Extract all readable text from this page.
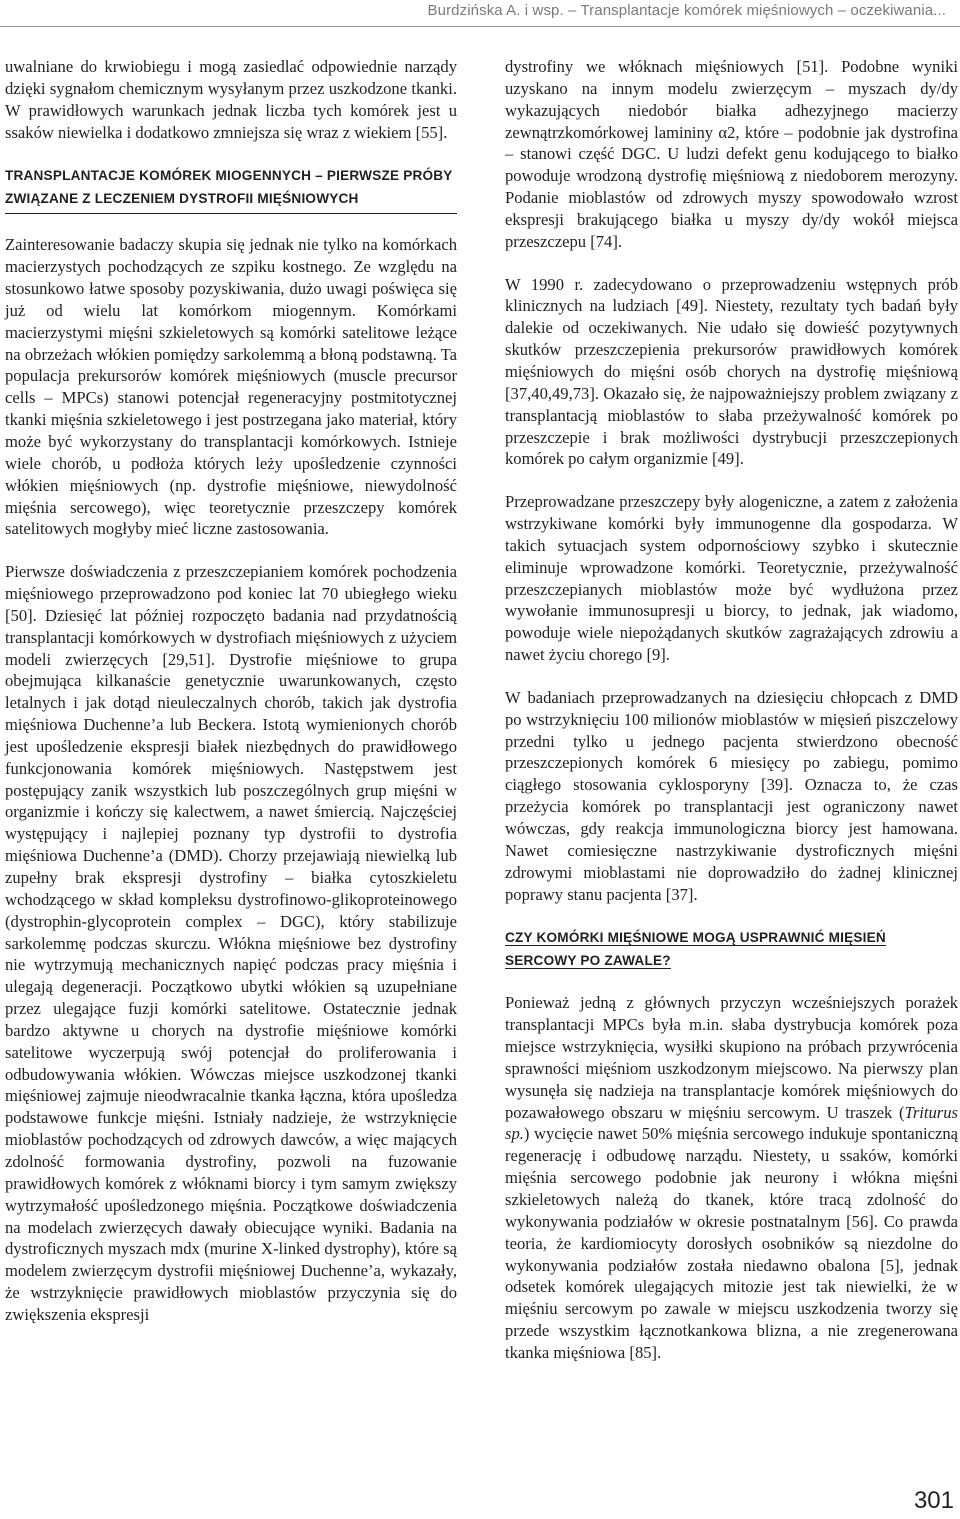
Burdzińska A. i wsp. – Transplantacje komórek mięśniowych – oczekiwania...

uwalniane do krwiobiegu i mogą zasiedlać odpowiednie narządy dzięki sygnałom chemicznym wysyłanym przez uszkodzone tkanki. W prawidłowych warunkach jednak liczba tych komórek jest u ssaków niewielka i dodatkowo zmniejsza się wraz z wiekiem [55].

TRANSPLANTACJE KOMÓREK MIOGENNYCH – PIERWSZE PRÓBY ZWIĄZANE Z LECZENIEM DYSTROFII MIĘŚNIOWYCH

Zainteresowanie badaczy skupia się jednak nie tylko na komórkach macierzystych pochodzących ze szpiku kostnego. Ze względu na stosunkowo łatwe sposoby pozyskiwania, dużo uwagi poświęca się już od wielu lat komórkom miogennym. Komórkami macierzystymi mięśni szkieletowych są komórki satelitowe leżące na obrzeżach włókien pomiędzy sarkolemmą a błoną podstawną. Ta populacja prekursorów komórek mięśniowych (muscle precursor cells – MPCs) stanowi potencjał regeneracyjny postmitotycznej tkanki mięśnia szkieletowego i jest postrzegana jako materiał, który może być wykorzystany do transplantacji komórkowych. Istnieje wiele chorób, u podłoża których leży upośledzenie czynności włókien mięśniowych (np. dystrofie mięśniowe, niewydolność mięśnia sercowego), więc teoretycznie przeszczepy komórek satelitowych mogłyby mieć liczne zastosowania.

Pierwsze doświadczenia z przeszczepianiem komórek pochodzenia mięśniowego przeprowadzono pod koniec lat 70 ubiegłego wieku [50]. Dziesięć lat później rozpoczęto badania nad przydatnością transplantacji komórkowych w dystrofiach mięśniowych z użyciem modeli zwierzęcych [29,51]. Dystrofie mięśniowe to grupa obejmująca kilkanaście genetycznie uwarunkowanych, często letalnych i jak dotąd nieuleczalnych chorób, takich jak dystrofia mięśniowa Duchenne’a lub Beckera. Istotą wymienionych chorób jest upośledzenie ekspresji białek niezbędnych do prawidłowego funkcjonowania komórek mięśniowych. Następstwem jest postępujący zanik wszystkich lub poszczególnych grup mięśni w organizmie i kończy się kalectwem, a nawet śmiercią. Najczęściej występujący i najlepiej poznany typ dystrofii to dystrofia mięśniowa Duchenne’a (DMD). Chorzy przejawiają niewielką lub zupełny brak ekspresji dystrofiny – białka cytoszkieletu wchodzącego w skład kompleksu dystrofinowo-glikoproteinowego (dystrophin-glycoprotein complex – DGC), który stabilizuje sarkolemmę podczas skurczu. Włókna mięśniowe bez dystrofiny nie wytrzymują mechanicznych napięć podczas pracy mięśnia i ulegają degeneracji. Początkowo ubytki włókien są uzupełniane przez ulegające fuzji komórki satelitowe. Ostatecznie jednak bardzo aktywne u chorych na dystrofie mięśniowe komórki satelitowe wyczerpują swój potencjał do proliferowania i odbudowywania włókien. Wówczas miejsce uszkodzonej tkanki mięśniowej zajmuje nieodwracalnie tkanka łączna, która upośledza podstawowe funkcje mięśni. Istniały nadzieje, że wstrzyknięcie mioblastów pochodzących od zdrowych dawców, a więc mających zdolność formowania dystrofiny, pozwoli na fuzowanie prawidłowych komórek z włóknami biorcy i tym samym zwiększy wytrzymałość upośledzonego mięśnia. Początkowe doświadczenia na modelach zwierzęcych dawały obiecujące wyniki. Badania na dystroficznych myszach mdx (murine X-linked dystrophy), które są modelem zwierzęcym dystrofii mięśniowej Duchenne’a, wykazały, że wstrzyknięcie prawidłowych mioblastów przyczynia się do zwiększenia ekspresji

dystrofiny we włóknach mięśniowych [51]. Podobne wyniki uzyskano na innym modelu zwierzęcym – myszach dy/dy wykazujących niedobór białka adhezyjnego macierzy zewnątrzkomórkowej lamininy α2, które – podobnie jak dystrofina – stanowi część DGC. U ludzi defekt genu kodującego to białko powoduje wrodzoną dystrofię mięśniową z niedoborem merozyny. Podanie mioblastów od zdrowych myszy spowodowało wzrost ekspresji brakującego białka u myszy dy/dy wokół miejsca przeszczepu [74].

W 1990 r. zadecydowano o przeprowadzeniu wstępnych prób klinicznych na ludziach [49]. Niestety, rezultaty tych badań były dalekie od oczekiwanych. Nie udało się dowieść pozytywnych skutków przeszczepienia prekursorów prawidłowych komórek mięśniowych do mięśni osób chorych na dystrofię mięśniową [37,40,49,73]. Okazało się, że najpoważniejszy problem związany z transplantacją mioblastów to słaba przeżywalność komórek po przeszczepie i brak możliwości dystrybucji przeszczepionych komórek po całym organizmie [49].

Przeprowadzane przeszczepy były alogeniczne, a zatem z założenia wstrzykiwane komórki były immunogenne dla gospodarza. W takich sytuacjach system odpornościowy szybko i skutecznie eliminuje wprowadzone komórki. Teoretycznie, przeżywalność przeszczepianych mioblastów może być wydłużona przez wywołanie immunosupresji u biorcy, to jednak, jak wiadomo, powoduje wiele niepożądanych skutków zagrażających zdrowiu a nawet życiu chorego [9].

W badaniach przeprowadzanych na dziesięciu chłopcach z DMD po wstrzyknięciu 100 milionów mioblastów w mięsień piszczelowy przedni tylko u jednego pacjenta stwierdzono obecność przeszczepionych komórek 6 miesięcy po zabiegu, pomimo ciągłego stosowania cyklosporyny [39]. Oznacza to, że czas przeżycia komórek po transplantacji jest ograniczony nawet wówczas, gdy reakcja immunologiczna biorcy jest hamowana. Nawet comiesięczne nastrzykiwanie dystroficznych mięśni zdrowymi mioblastami nie doprowadziło do żadnej klinicznej poprawy stanu pacjenta [37].

CZY KOMÓRKI MIĘŚNIOWE MOGĄ USPRAWNIĆ MIĘSIEŃ SERCOWY PO ZAWALE?

Ponieważ jedną z głównych przyczyn wcześniejszych porażek transplantacji MPCs była m.in. słaba dystrybucja komórek poza miejsce wstrzyknięcia, wysiłki skupiono na próbach przywrócenia sprawności mięśniom uszkodzonym miejscowo. Na pierwszy plan wysunęła się nadzieja na transplantacje komórek mięśniowych do pozawałowego obszaru w mięśniu sercowym. U traszek (Triturus sp.) wycięcie nawet 50% mięśnia sercowego indukuje spontaniczną regenerację i odbudowę narządu. Niestety, u ssaków, komórki mięśnia sercowego podobnie jak neurony i włókna mięśni szkieletowych należą do tkanek, które tracą zdolność do wykonywania podziałów w okresie postnatalnym [56]. Co prawda teoria, że kardiomiocyty dorosłych osobników są niezdolne do wykonywania podziałów została niedawno obalona [5], jednak odsetek komórek ulegających mitozie jest tak niewielki, że w mięśniu sercowym po zawale w miejscu uszkodzenia tworzy się przede wszystkim łącznotkankowa blizna, a nie zregenerowana tkanka mięśniowa [85].

301
